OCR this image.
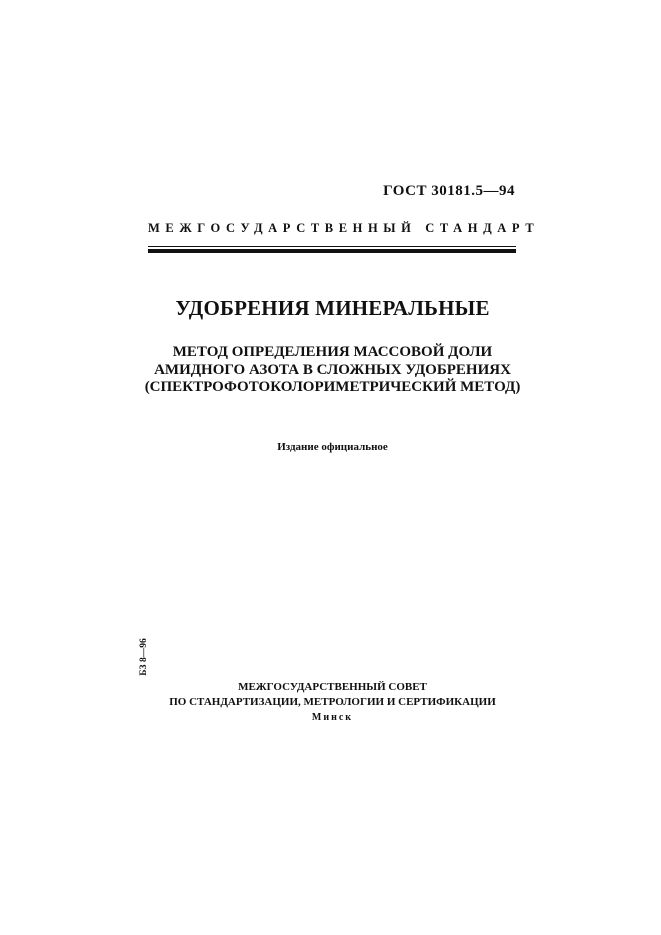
ГОСТ 30181.5—94
МЕЖГОСУДАРСТВЕННЫЙ СТАНДАРТ
УДОБРЕНИЯ МИНЕРАЛЬНЫЕ
МЕТОД ОПРЕДЕЛЕНИЯ МАССОВОЙ ДОЛИ
АМИДНОГО АЗОТА В СЛОЖНЫХ УДОБРЕНИЯХ
(СПЕКТРОФОТОКОЛОРИМЕТРИЧЕСКИЙ МЕТОД)
Издание официальное
БЗ 8—96
МЕЖГОСУДАРСТВЕННЫЙ СОВЕТ
ПО СТАНДАРТИЗАЦИИ, МЕТРОЛОГИИ И СЕРТИФИКАЦИИ
Минск
